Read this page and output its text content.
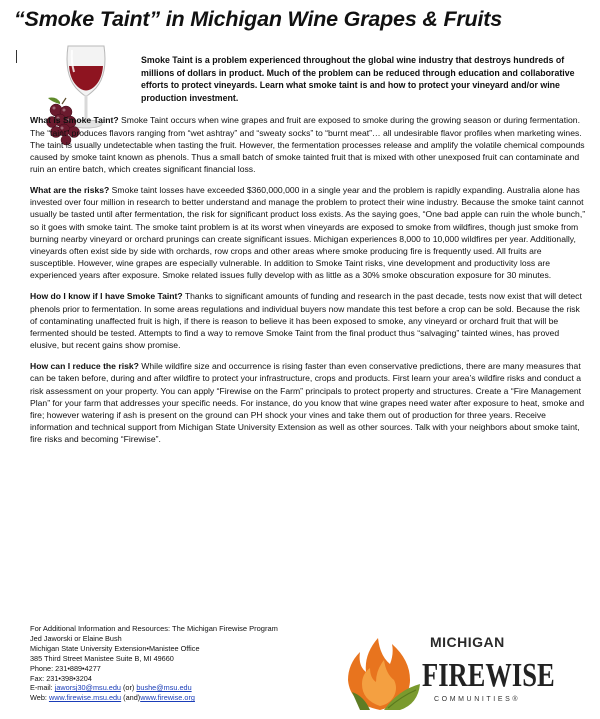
“Smoke Taint” in Michigan Wine Grapes & Fruits

Smoke Taint is a problem experienced throughout the global wine industry that destroys hundreds of millions of dollars in product. Much of the problem can be reduced through education and collaborative efforts to protect vineyards. Learn what smoke taint is and how to protect your vineyard and/or wine production investment.

What is Smoke Taint? Smoke Taint occurs when wine grapes and fruit are exposed to smoke during the growing season or during fermentation. The “taint” produces flavors ranging from “wet ashtray” and “sweaty socks” to “burnt meat”… all undesirable flavor profiles when marketing wines. The taint is usually undetectable when tasting the fruit. However, the fermentation processes release and amplify the volatile chemical compounds caused by smoke taint known as phenols. Thus a small batch of smoke tainted fruit that is mixed with other unexposed fruit can contaminate and ruin an entire batch, which creates significant financial loss.

What are the risks? Smoke taint losses have exceeded $360,000,000 in a single year and the problem is rapidly expanding. Australia alone has invested over four million in research to better understand and manage the problem to protect their wine industry. Because the smoke taint cannot usually be tasted until after fermentation, the risk for significant product loss exists. As the saying goes, “One bad apple can ruin the whole bunch,” so it goes with smoke taint. The smoke taint problem is at its worst when vineyards are exposed to smoke from wildfires, though just smoke from burning nearby vineyard or orchard prunings can create significant issues. Michigan experiences 8,000 to 10,000 wildfires per year. Additionally, vineyards often exist side by side with orchards, row crops and other areas where smoke producing fire is frequently used. All fruits are susceptible. However, wine grapes are especially vulnerable. In addition to Smoke Taint risks, vine development and productivity loss are experienced years after exposure. Smoke related issues fully develop with as little as a 30% smoke obscuration exposure for 30 minutes.

How do I know if I have Smoke Taint? Thanks to significant amounts of funding and research in the past decade, tests now exist that will detect phenols prior to fermentation. In some areas regulations and individual buyers now mandate this test before a crop can be sold. Because the risk of contaminating unaffected fruit is high, if there is reason to believe it has been exposed to smoke, any vineyard or orchard fruit that will be fermented should be tested. Attempts to find a way to remove Smoke Taint from the final product thus “salvaging” tainted wines, has proved elusive, but recent gains show promise.

How can I reduce the risk? While wildfire size and occurrence is rising faster than even conservative predictions, there are many measures that can be taken before, during and after wildfire to protect your infrastructure, crops and products. First learn your area’s wildfire risks and conduct a risk assessment on your property. You can apply “Firewise on the Farm” principals to protect property and structures. Create a “Fire Management Plan” for your farm that addresses your specific needs. For instance, do you know that wine grapes need water after exposure to heat, smoke and fire; however watering if ash is present on the ground can PH shock your vines and take them out of production for three years. Receive information and technical support from Michigan State University Extension as well as other sources. Talk with your neighbors about smoke taint, fire risks and becoming “Firewise”.

For Additional Information and Resources: The Michigan Firewise Program
Jed Jaworski or Elaine Bush
Michigan State University Extension•Manistee Office
385 Third Street Manistee Suite B, MI 49660
Phone: 231•889•4277
Fax: 231•398•3204
E-mail: jaworsj30@msu.edu (or) bushe@msu.edu
Web: www.firewise.msu.edu (and)www.firewise.org
MICHIGAN
FIREWISE
COMMUNITIES®
